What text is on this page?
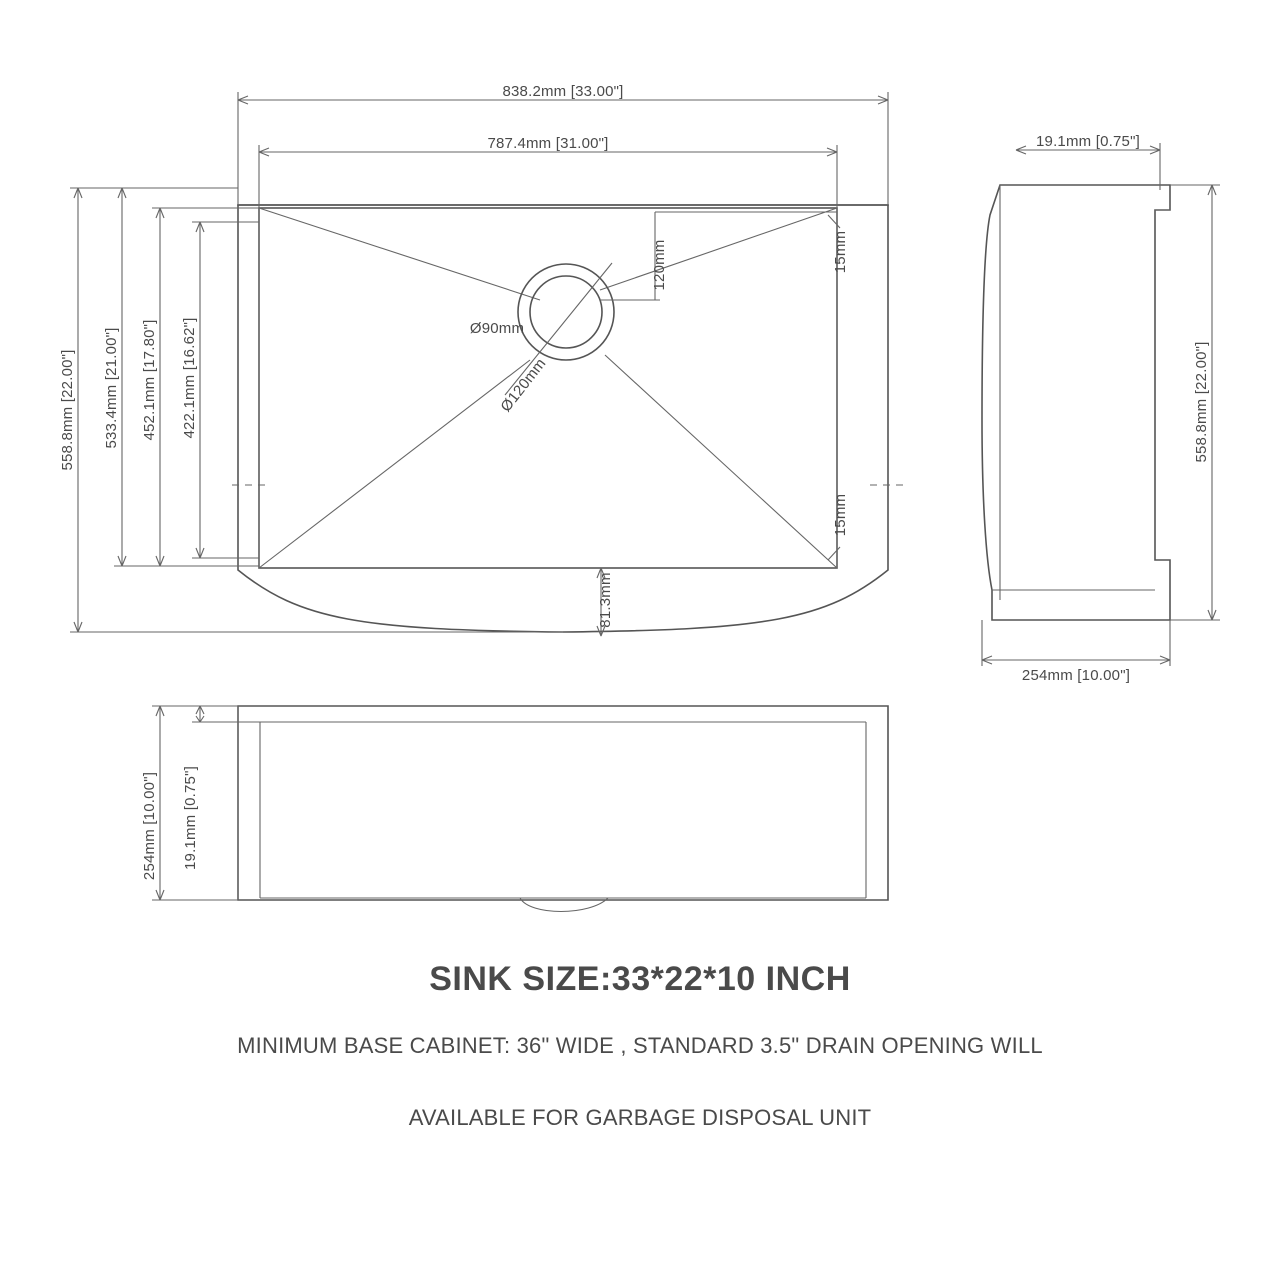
838.2mm [33.00"]
787.4mm [31.00"]
558.8mm [22.00"] 533.4mm [21.00"] 452.1mm [17.80"] 422.1mm [16.62"]
81.3mm
Ø90mm
Ø120mm
120mm	15mm
15mm
19.1mm [0.75"]
558.8mm [22.00"]
254mm [10.00"]
254mm [10.00"] 19.1mm [0.75"]
SINK SIZE:33*22*10 INCH
MINIMUM BASE CABINET: 36" WIDE , STANDARD 3.5" DRAIN OPENING WILL
AVAILABLE FOR GARBAGE DISPOSAL UNIT
